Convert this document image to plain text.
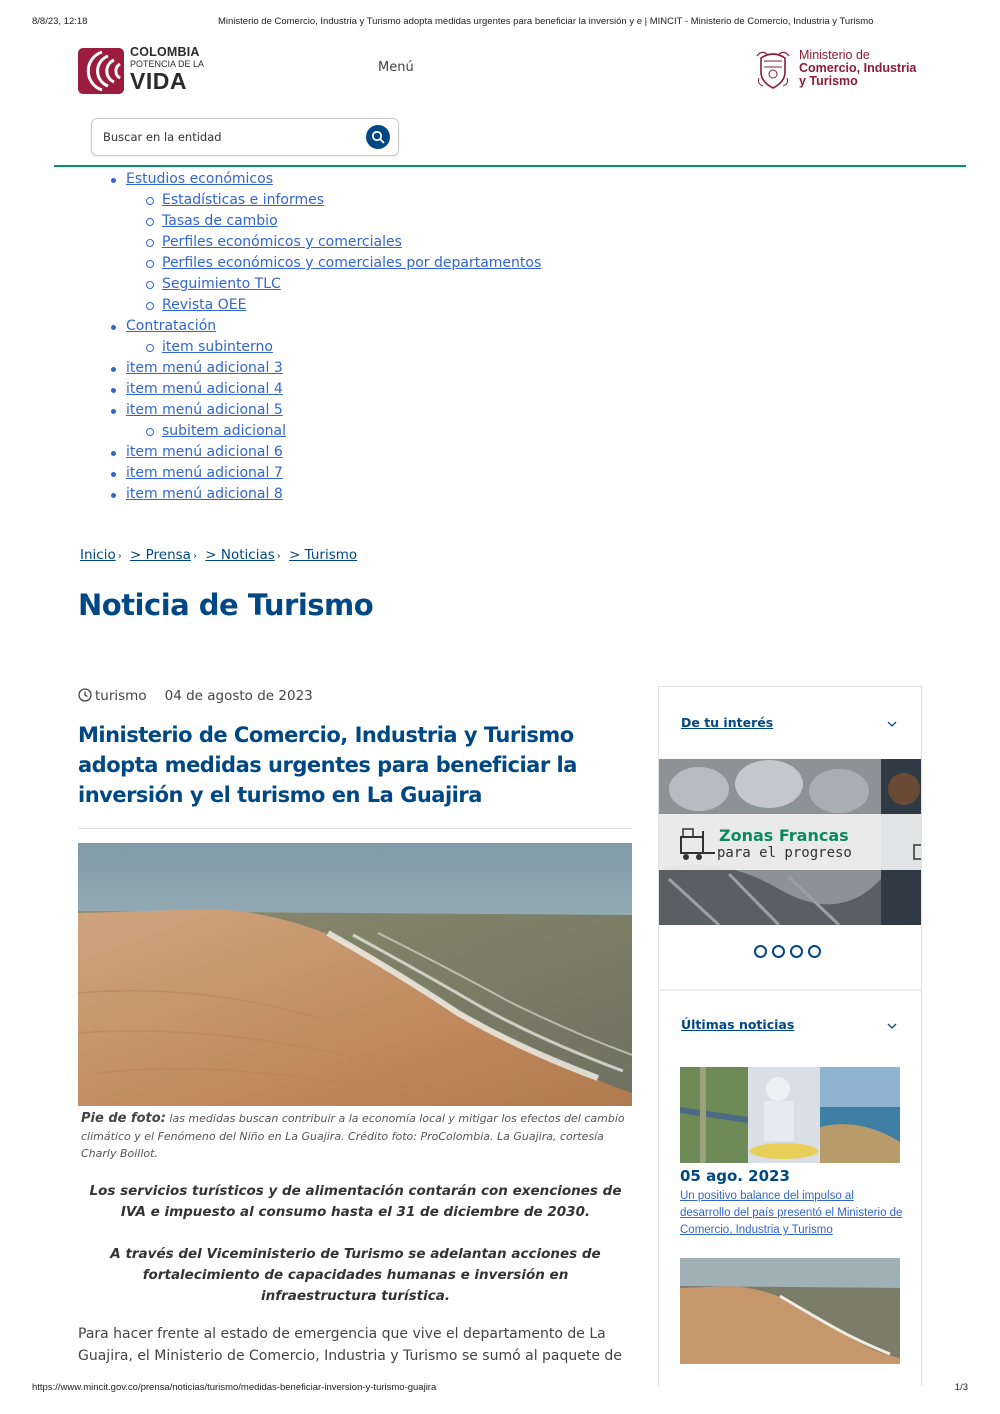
8/8/23, 12:18	Ministerio de Comercio, Industria y Turismo adopta medidas urgentes para beneficiar la inversión y e | MINCIT - Ministerio de Comercio, Industria y Turismo
COLOMBIA
POTENCIA DE LA
VIDA
Menú
Ministerio de
Comercio, Industria
y Turismo
Buscar en la entidad
Estudios económicos
Estadísticas e informes
Tasas de cambio
Perfiles económicos y comerciales
Perfiles económicos y comerciales por departamentos
Seguimiento TLC
Revista OEE
Contratación
item subinterno
item menú adicional 3
item menú adicional 4
item menú adicional 5
subitem adicional
item menú adicional 6
item menú adicional 7
item menú adicional 8
Inicio › > Prensa › > Noticias › > Turismo
Noticia de Turismo
turismo 04 de agosto de 2023
Ministerio de Comercio, Industria y Turismo adopta medidas urgentes para beneficiar la inversión y el turismo en La Guajira

Pie de foto: las medidas buscan contribuir a la economía local y mitigar los efectos del cambio climático y el Fenómeno del Niño en La Guajira. Crédito foto: ProColombia. La Guajira, cortesía Charly Boillot.

Los servicios turísticos y de alimentación contarán con exenciones de IVA e impuesto al consumo hasta el 31 de diciembre de 2030.

A través del Viceministerio de Turismo se adelantan acciones de fortalecimiento de capacidades humanas e inversión en infraestructura turística.

Para hacer frente al estado de emergencia que vive el departamento de La Guajira, el Ministerio de Comercio, Industria y Turismo se sumó al paquete de

De tu interés
Zonas Francas
para el progreso
Últimas noticias
05 ago. 2023
Un positivo balance del impulso al desarrollo del país presentó el Ministerio de Comercio, Industria y Turismo
https://www.mincit.gov.co/prensa/noticias/turismo/medidas-beneficiar-inversion-y-turismo-guajira	1/3
